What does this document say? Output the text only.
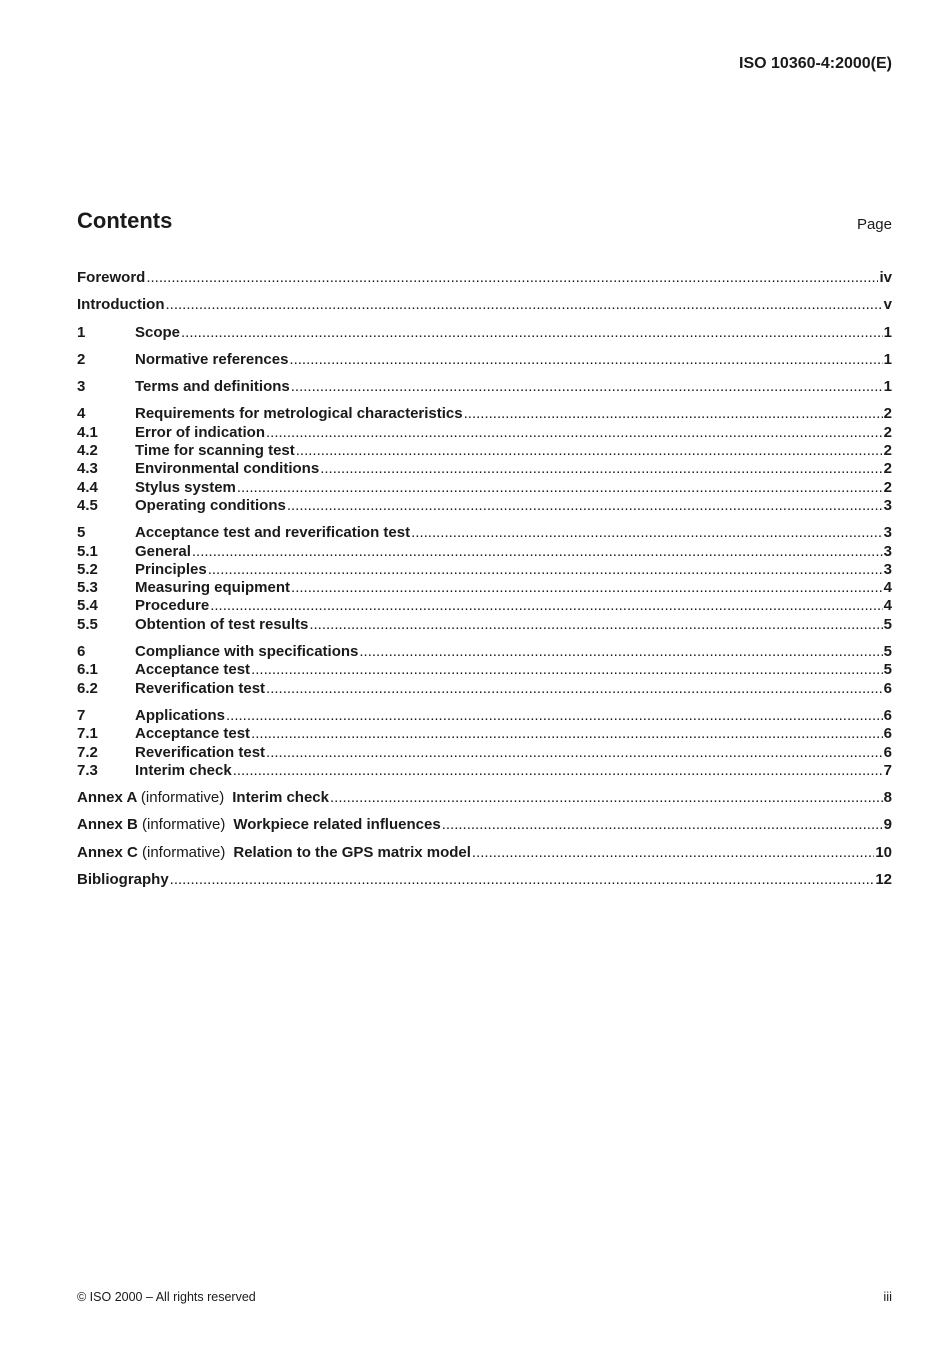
ISO 10360-4:2000(E)
Contents	Page
Foreword .....	iv
Introduction .....	v
1	Scope .....	1
2	Normative references .....	1
3	Terms and definitions .....	1
4	Requirements for metrological characteristics .....	2
4.1	Error of indication .....	2
4.2	Time for scanning test .....	2
4.3	Environmental conditions .....	2
4.4	Stylus system .....	2
4.5	Operating conditions .....	3
5	Acceptance test and reverification test .....	3
5.1	General .....	3
5.2	Principles .....	3
5.3	Measuring equipment .....	4
5.4	Procedure .....	4
5.5	Obtention of test results .....	5
6	Compliance with specifications .....	5
6.1	Acceptance test .....	5
6.2	Reverification test .....	6
7	Applications .....	6
7.1	Acceptance test .....	6
7.2	Reverification test .....	6
7.3	Interim check .....	7
Annex A (informative) Interim check .....	8
Annex B (informative) Workpiece related influences .....	9
Annex C (informative) Relation to the GPS matrix model .....	10
Bibliography .....	12
© ISO 2000 – All rights reserved	iii
